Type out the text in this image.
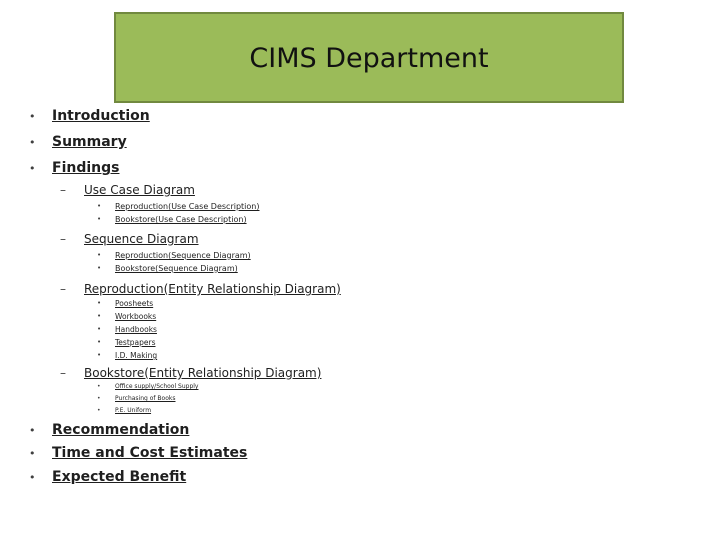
CIMS Department
• Introduction
• Summary
• Findings
– Use Case Diagram
• Reproduction(Use Case Description)
• Bookstore(Use Case Description)
– Sequence Diagram
• Reproduction(Sequence Diagram)
• Bookstore(Sequence Diagram)
– Reproduction(Entity Relationship Diagram)
• Poosheets
• Workbooks
• Handbooks
• Testpapers
• I.D. Making
– Bookstore(Entity Relationship Diagram)
• Office supply/School Supply
• Purchasing of Books
• P.E. Uniform
• Recommendation
• Time and Cost Estimates
• Expected Benefit
